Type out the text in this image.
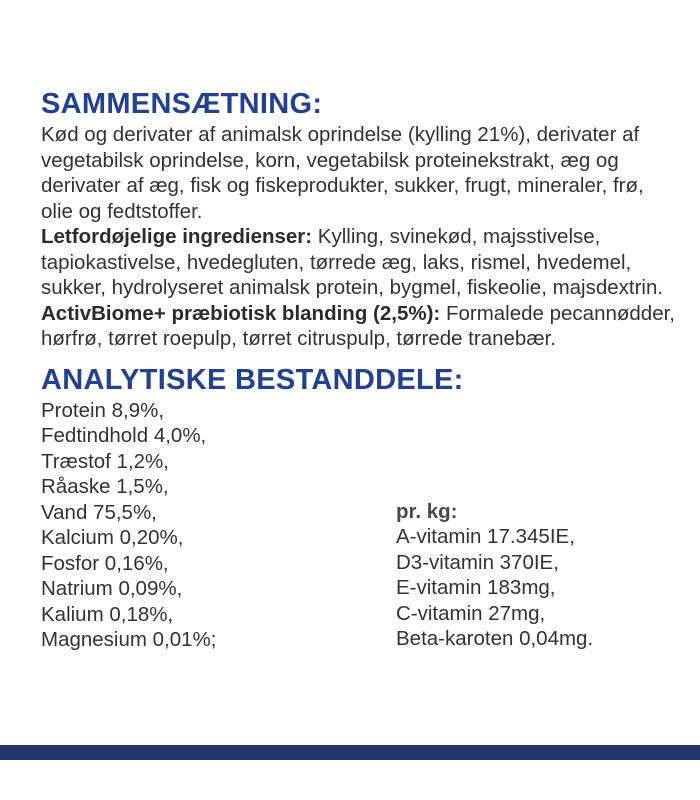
SAMMENSÆTNING:

Kød og derivater af animalsk oprindelse (kylling 21%), derivater af vegetabilsk oprindelse, korn, vegetabilsk proteinekstrakt, æg og derivater af æg, fisk og fiskeprodukter, sukker, frugt, mineraler, frø, olie og fedtstoffer.
Letfordøjelige ingredienser: Kylling, svinekød, majsstivelse, tapiokastivelse, hvedegluten, tørrede æg, laks, rismel, hvedemel, sukker, hydrolyseret animalsk protein, bygmel, fiskeolie, majsdextrin.
ActivBiome+ præbiotisk blanding (2,5%): Formalede pecannødder, hørfrø, tørret roepulp, tørret citruspulp, tørrede tranebær.

ANALYTISKE BESTANDDELE:
Protein 8,9%,
Fedtindhold 4,0%,
Træstof 1,2%,
Råaske 1,5%,
Vand 75,5%,
Kalcium 0,20%,
Fosfor 0,16%,
Natrium 0,09%,
Kalium 0,18%,
Magnesium 0,01%;
pr. kg:
A-vitamin 17.345IE,
D3-vitamin 370IE,
E-vitamin 183mg,
C-vitamin 27mg,
Beta-karoten 0,04mg.
